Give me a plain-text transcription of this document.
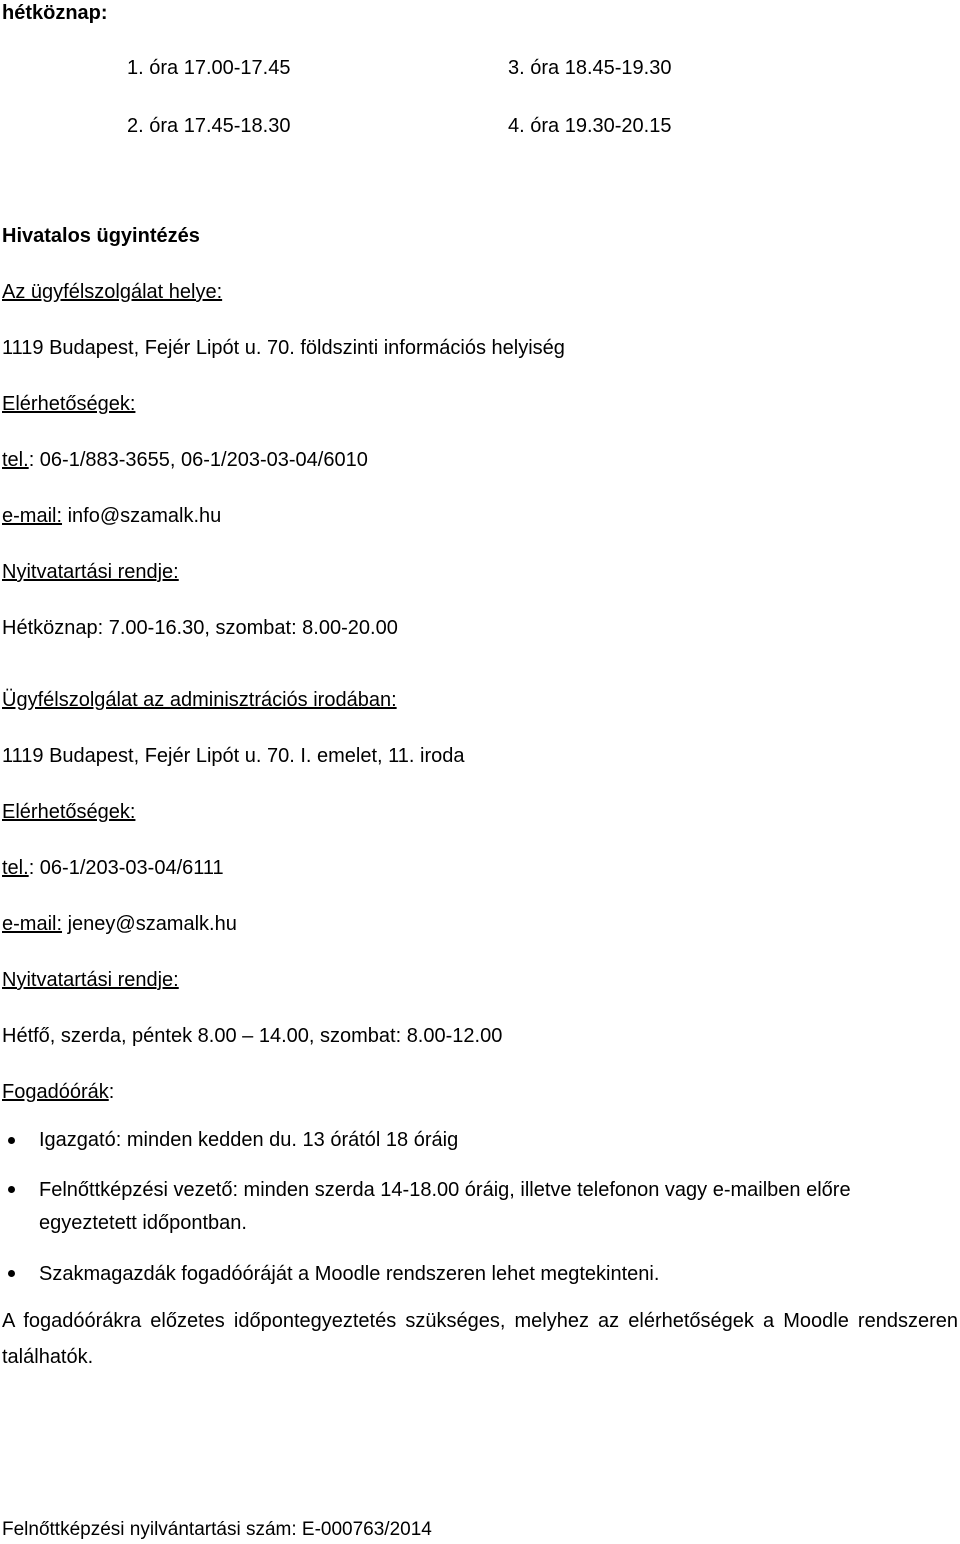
hétköznap:
1. óra 17.00-17.45
2. óra 17.45-18.30
3. óra 18.45-19.30
4. óra 19.30-20.15
Hivatalos ügyintézés
Az ügyfélszolgálat helye:
1119 Budapest, Fejér Lipót u. 70. földszinti információs helyiség
Elérhetőségek:
tel.: 06-1/883-3655, 06-1/203-03-04/6010
e-mail: info@szamalk.hu
Nyitvatartási rendje:
Hétköznap: 7.00-16.30, szombat: 8.00-20.00
Ügyfélszolgálat az adminisztrációs irodában:
1119 Budapest, Fejér Lipót u. 70. I. emelet, 11. iroda
Elérhetőségek:
tel.: 06-1/203-03-04/6111
e-mail: jeney@szamalk.hu
Nyitvatartási rendje:
Hétfő, szerda, péntek 8.00 – 14.00, szombat: 8.00-12.00
Fogadóórák:
Igazgató: minden kedden du. 13 órától 18 óráig
Felnőttképzési vezető: minden szerda 14-18.00 óráig, illetve telefonon vagy e-mailben előre
egyeztetett időpontban.
Szakmagazdák fogadóóráját a Moodle rendszeren lehet megtekinteni.
A fogadóórákra előzetes időpontegyeztetés szükséges, melyhez az elérhetőségek a Moodle rendszeren találhatók.
Felnőttképzési nyilvántartási szám: E-000763/2014
